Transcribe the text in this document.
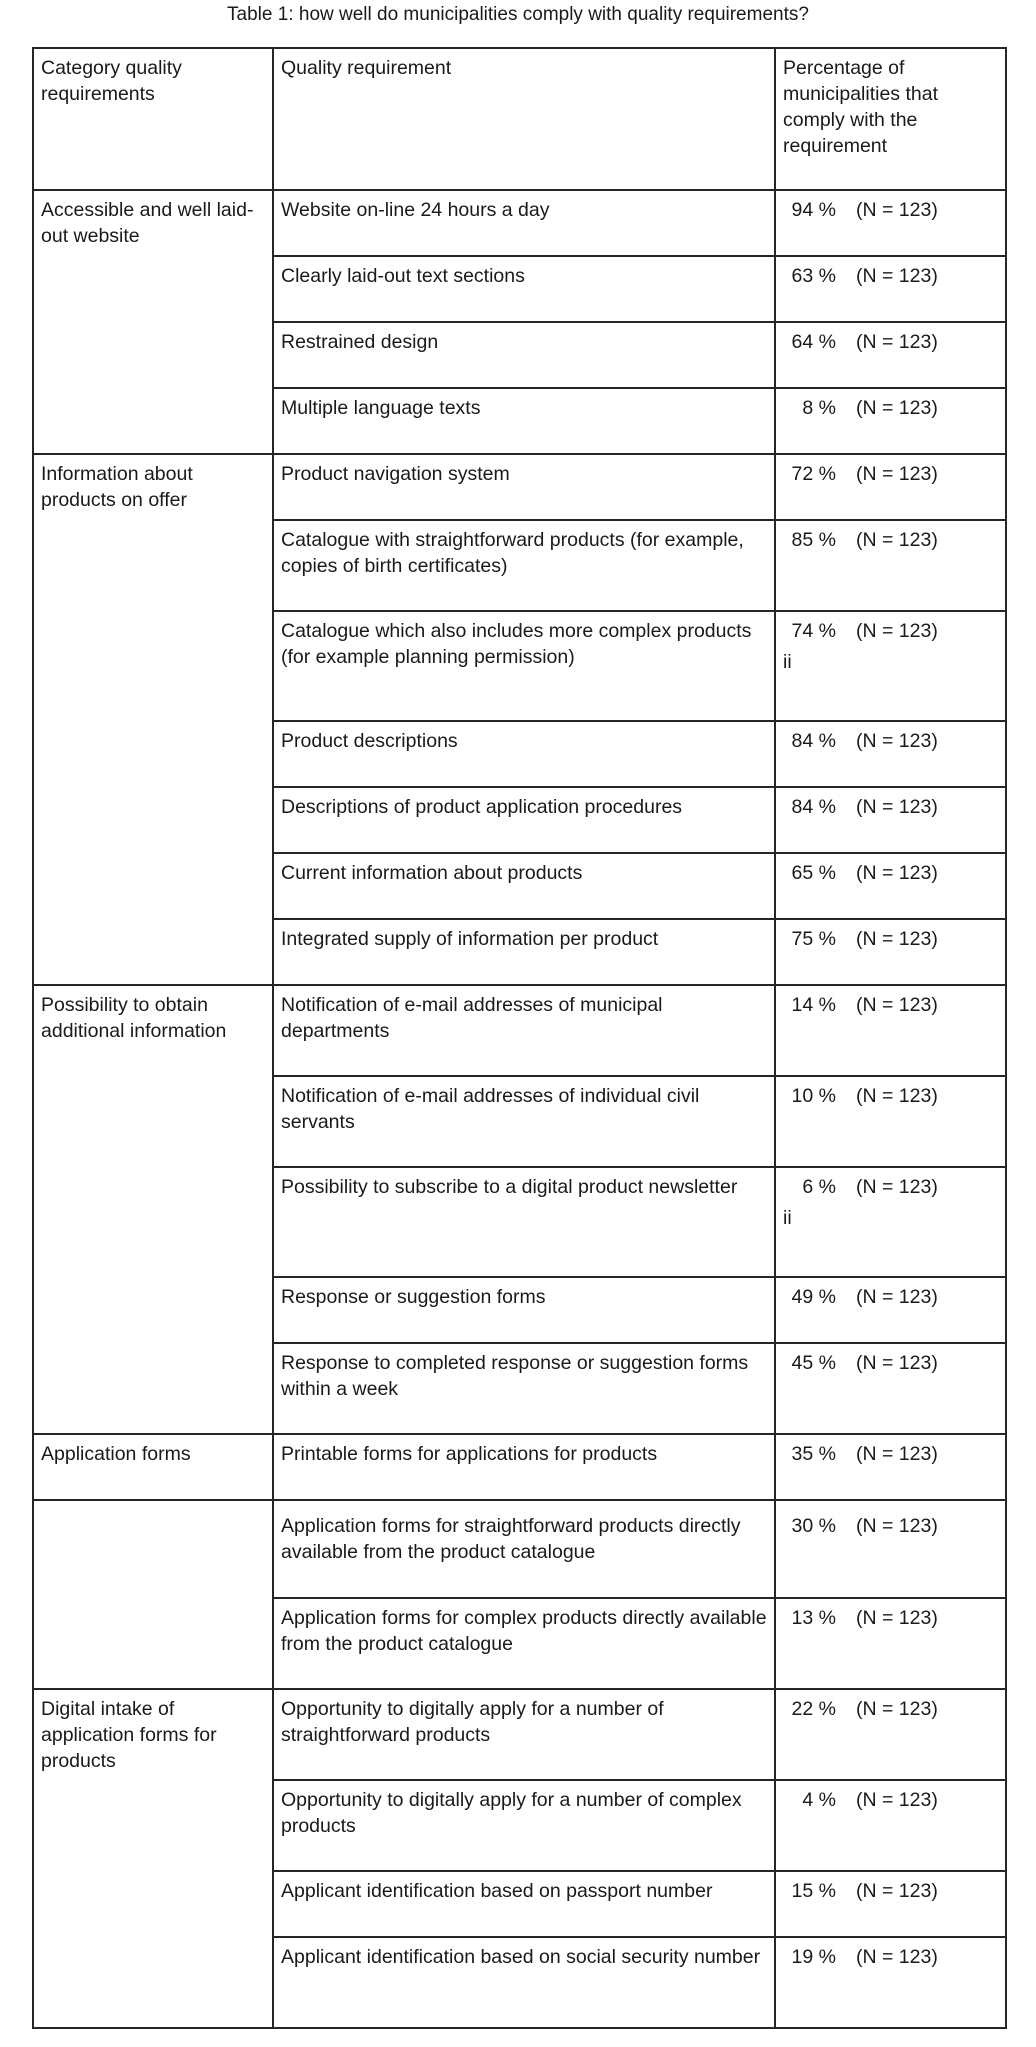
Table 1: how well do municipalities comply with quality requirements?
Category quality requirements	Quality requirement	Percentage of municipalities that comply with the requirement
Accessible and well laid-out website	Website on-line 24 hours a day	94 % (N = 123)
	Clearly laid-out text sections	63 % (N = 123)
	Restrained design	64 % (N = 123)
	Multiple language texts	8 % (N = 123)
Information about products on offer	Product navigation system	72 % (N = 123)
	Catalogue with straightforward products (for example, copies of birth certificates)	85 % (N = 123)
	Catalogue which also includes more complex products (for example planning permission)	74 % (N = 123)
ii

	Product descriptions	84 % (N = 123)
	Descriptions of product application procedures	84 % (N = 123)
	Current information about products	65 % (N = 123)
	Integrated supply of information per product	75 % (N = 123)
Possibility to obtain additional information	Notification of e-mail addresses of municipal departments	14 % (N = 123)
	Notification of e-mail addresses of individual civil servants	10 % (N = 123)
	Possibility to subscribe to a digital product newsletter	6 % (N = 123)
ii

	Response or suggestion forms	49 % (N = 123)
	Response to completed response or suggestion forms within a week	45 % (N = 123)
Application forms	Printable forms for applications for products	35 % (N = 123)

	Application forms for straightforward products directly available from the product catalogue	30 % (N = 123)
	Application forms for complex products directly available from the product catalogue	13 % (N = 123)
Digital intake of application forms for products	Opportunity to digitally apply for a number of straightforward products	22 % (N = 123)
	Opportunity to digitally apply for a number of complex products	4 % (N = 123)
	Applicant identification based on passport number	15 % (N = 123)
	Applicant identification based on social security number	19 % (N = 123)
